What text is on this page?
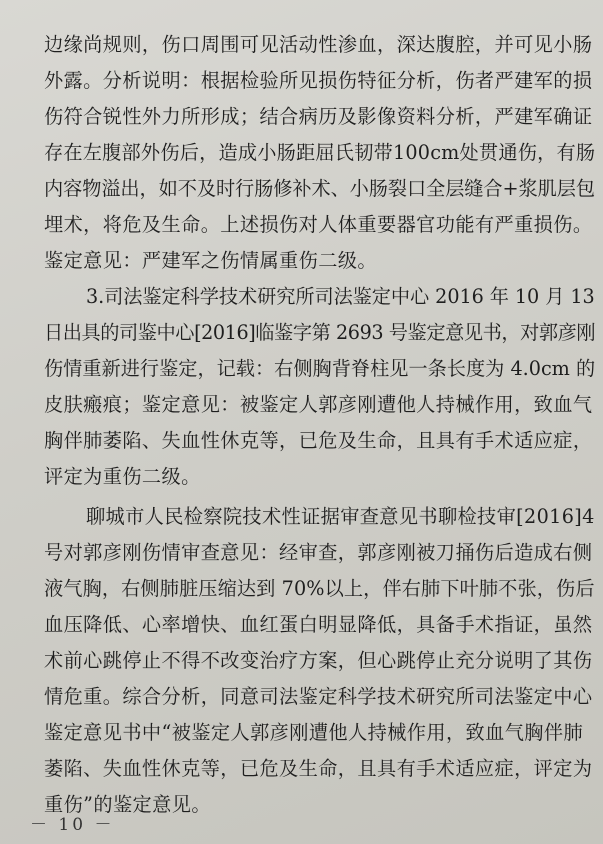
边缘尚规则，伤口周围可见活动性渗血，深达腹腔，并可见小肠
外露。分析说明：根据检验所见损伤特征分析，伤者严建军的损
伤符合锐性外力所形成；结合病历及影像资料分析，严建军确证
存在左腹部外伤后，造成小肠距屈氏韧带100cm处贯通伤，有肠
内容物溢出，如不及时行肠修补术、小肠裂口全层缝合+浆肌层包
埋术，将危及生命。上述损伤对人体重要器官功能有严重损伤。
鉴定意见：严建军之伤情属重伤二级。
3.司法鉴定科学技术研究所司法鉴定中心 2016 年 10 月 13
日出具的司鉴中心[2016]临鉴字第 2693 号鉴定意见书，对郭彦刚
伤情重新进行鉴定，记载：右侧胸背脊柱见一条长度为 4.0cm 的
皮肤瘢痕；鉴定意见：被鉴定人郭彦刚遭他人持械作用，致血气
胸伴肺萎陷、失血性休克等，已危及生命，且具有手术适应症，
评定为重伤二级。
聊城市人民检察院技术性证据审查意见书聊检技审[2016]4
号对郭彦刚伤情审查意见：经审查，郭彦刚被刀捅伤后造成右侧
液气胸，右侧肺脏压缩达到 70%以上，伴右肺下叶肺不张，伤后
血压降低、心率增快、血红蛋白明显降低，具备手术指证，虽然
术前心跳停止不得不改变治疗方案，但心跳停止充分说明了其伤
情危重。综合分析，同意司法鉴定科学技术研究所司法鉴定中心
鉴定意见书中“被鉴定人郭彦刚遭他人持械作用，致血气胸伴肺
萎陷、失血性休克等，已危及生命，且具有手术适应症，评定为
重伤”的鉴定意见。
－ 10 －
